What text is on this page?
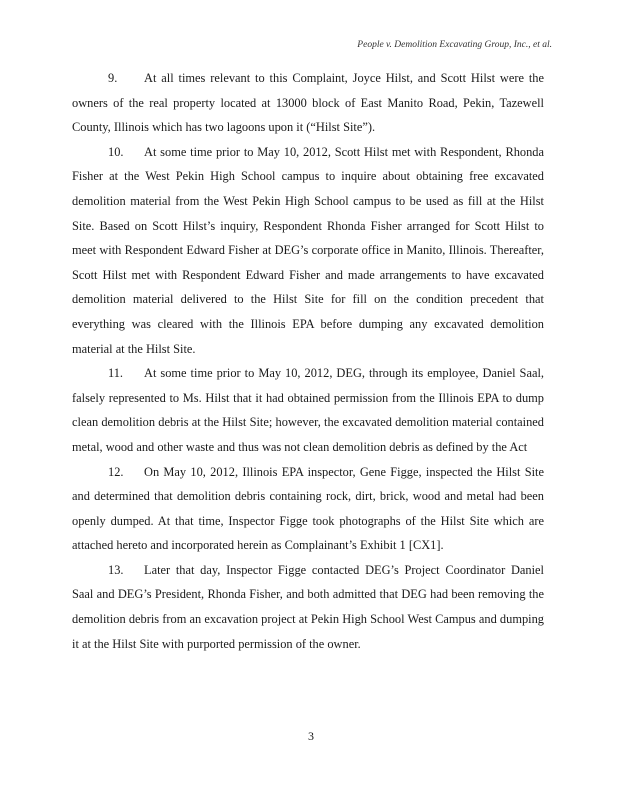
People v. Demolition Excavating Group, Inc., et al.

9. At all times relevant to this Complaint, Joyce Hilst, and Scott Hilst were the owners of the real property located at 13000 block of East Manito Road, Pekin, Tazewell County, Illinois which has two lagoons upon it (“Hilst Site”).

10. At some time prior to May 10, 2012, Scott Hilst met with Respondent, Rhonda Fisher at the West Pekin High School campus to inquire about obtaining free excavated demolition material from the West Pekin High School campus to be used as fill at the Hilst Site. Based on Scott Hilst’s inquiry, Respondent Rhonda Fisher arranged for Scott Hilst to meet with Respondent Edward Fisher at DEG’s corporate office in Manito, Illinois. Thereafter, Scott Hilst met with Respondent Edward Fisher and made arrangements to have excavated demolition material delivered to the Hilst Site for fill on the condition precedent that everything was cleared with the Illinois EPA before dumping any excavated demolition material at the Hilst Site.

11. At some time prior to May 10, 2012, DEG, through its employee, Daniel Saal, falsely represented to Ms. Hilst that it had obtained permission from the Illinois EPA to dump clean demolition debris at the Hilst Site; however, the excavated demolition material contained metal, wood and other waste and thus was not clean demolition debris as defined by the Act

12. On May 10, 2012, Illinois EPA inspector, Gene Figge, inspected the Hilst Site and determined that demolition debris containing rock, dirt, brick, wood and metal had been openly dumped. At that time, Inspector Figge took photographs of the Hilst Site which are attached hereto and incorporated herein as Complainant’s Exhibit 1 [CX1].

13. Later that day, Inspector Figge contacted DEG’s Project Coordinator Daniel Saal and DEG’s President, Rhonda Fisher, and both admitted that DEG had been removing the demolition debris from an excavation project at Pekin High School West Campus and dumping it at the Hilst Site with purported permission of the owner.

3
